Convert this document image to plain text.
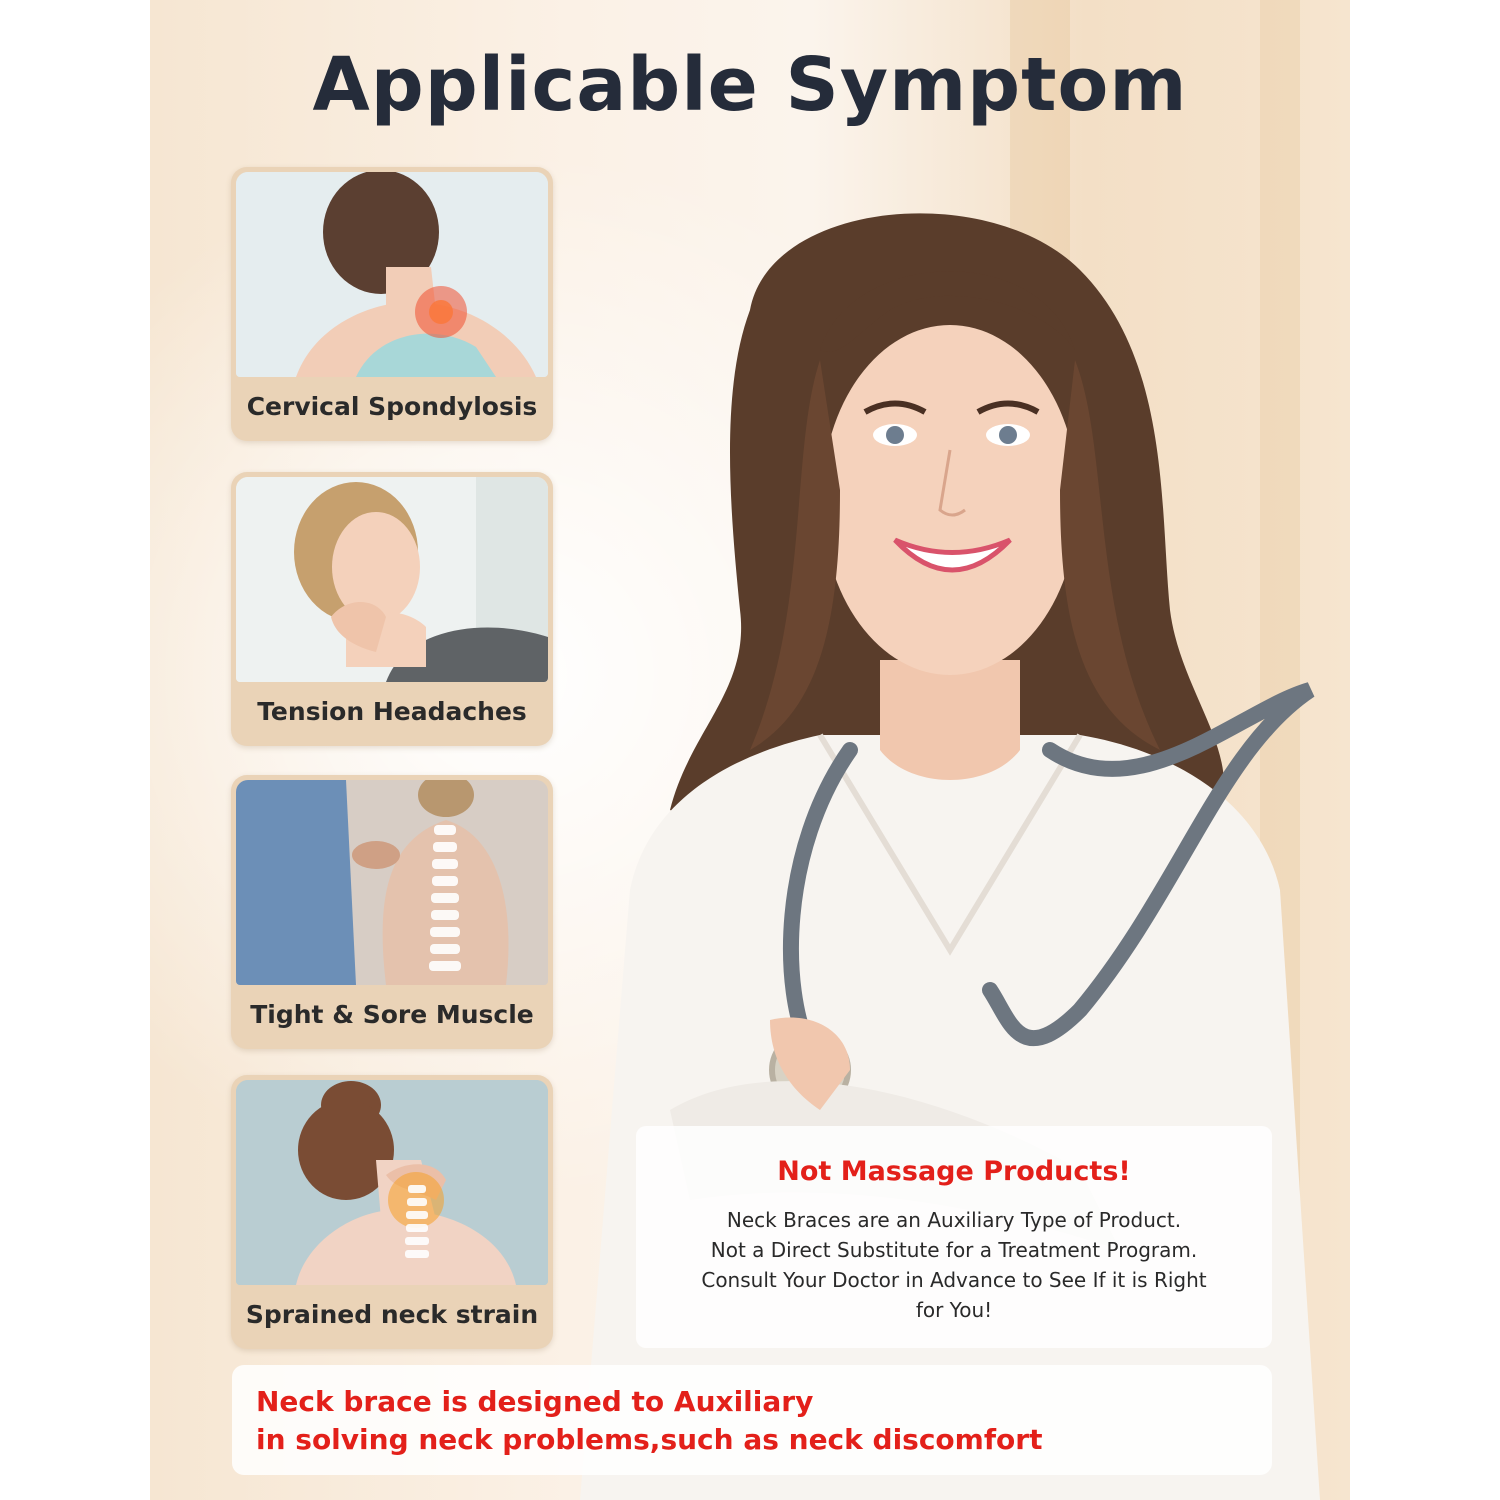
Applicable Symptom
Cervical Spondylosis
Tension Headaches
Tight & Sore Muscle
Sprained neck strain

Not Massage Products!

Neck Braces are an Auxiliary Type of Product.

Not a Direct Substitute for a Treatment Program.

Consult Your Doctor in Advance to See If it is Right

for You!

Neck brace is designed to Auxiliary

in solving neck problems,such as neck discomfort
